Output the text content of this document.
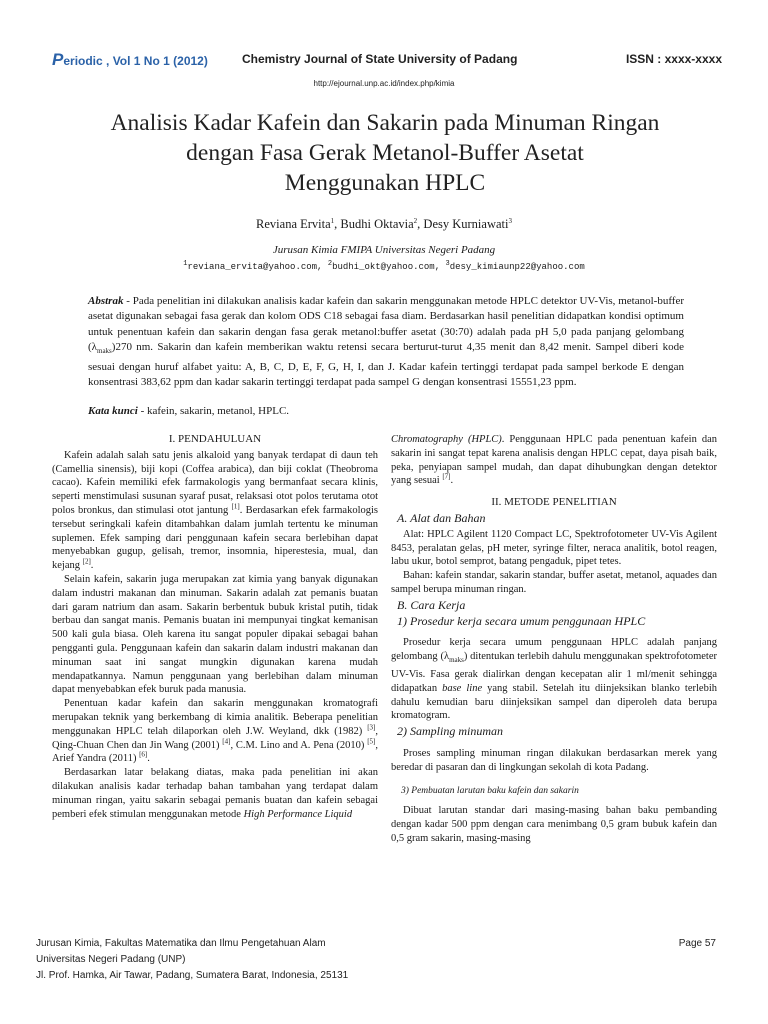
Periodic , Vol 1 No 1 (2012)	Chemistry Journal of State University of Padang	ISSN : xxxx-xxxx
http://ejournal.unp.ac.id/index.php/kimia
Analisis Kadar Kafein dan Sakarin pada Minuman Ringan
dengan Fasa Gerak Metanol-Buffer Asetat
Menggunakan HPLC
Reviana Ervita$^1$, Budhi Oktavia$^2$, Desy Kurniawati$^3$
Jurusan Kimia FMIPA Universitas Negeri Padang
$^1$reviana_ervita@yahoo.com, $^2$budhi_okt@yahoo.com, $^3$desy_kimiaunp22@yahoo.com
Abstrak - Pada penelitian ini dilakukan analisis kadar kafein dan sakarin menggunakan metode HPLC detektor UV-Vis, metanol-buffer asetat digunakan sebagai fasa gerak dan kolom ODS C18 sebagai fasa diam. Berdasarkan hasil penelitian didapatkan kondisi optimum untuk penentuan kafein dan sakarin dengan fasa gerak metanol:buffer asetat (30:70) adalah pada pH 5,0 pada panjang gelombang $(\lambda_{maks})270$ nm. Sakarin dan kafein memberikan waktu retensi secara berturut-turut 4,35 menit dan 8,42 menit. Sampel diberi kode sesuai dengan huruf alfabet yaitu: A, B, C, D, E, F, G, H, I, dan J. Kadar kafein tertinggi terdapat pada sampel berkode E dengan konsentrasi 383,62 ppm dan kadar sakarin tertinggi terdapat pada sampel G dengan konsentrasi 15551,23 ppm.
Kata kunci - kafein, sakarin, metanol, HPLC.
I. PENDAHULUAN

Kafein adalah salah satu jenis alkaloid yang banyak terdapat di daun teh (Camellia sinensis), biji kopi (Coffea arabica), dan biji coklat (Theobroma cacao). Kafein memiliki efek farmakologis yang bermanfaat secara klinis, seperti menstimulasi susunan syaraf pusat, relaksasi otot polos terutama otot polos bronkus, dan stimulasi otot jantung [1]. Berdasarkan efek farmakologis tersebut seringkali kafein ditambahkan dalam jumlah tertentu ke minuman suplemen. Efek samping dari penggunaan kafein secara berlebihan dapat menyebabkan gugup, gelisah, tremor, insomnia, hiperestesia, mual, dan kejang [2].

Selain kafein, sakarin juga merupakan zat kimia yang banyak digunakan dalam industri makanan dan minuman. Sakarin adalah zat pemanis buatan dari garam natrium dan asam. Sakarin berbentuk bubuk kristal putih, tidak berbau dan sangat manis. Pemanis buatan ini mempunyai tingkat kemanisan 500 kali gula biasa. Oleh karena itu sangat populer dipakai sebagai bahan pengganti gula. Penggunaan kafein dan sakarin dalam industri makanan dan minuman saat ini sangat mungkin digunakan karena mudah mendapatkannya. Namun penggunaan yang berlebihan dalam minuman dapat menyebabkan efek buruk pada manusia.

Penentuan kadar kafein dan sakarin menggunakan kromatografi merupakan teknik yang berkembang di kimia analitik. Beberapa penelitian menggunakan HPLC telah dilaporkan oleh J.W. Weyland, dkk (1982) [3], Qing-Chuan Chen dan Jin Wang (2001) [4], C.M. Lino and A. Pena (2010) [5], Arief Yandra (2011) [6].

Berdasarkan latar belakang diatas, maka pada penelitian ini akan dilakukan analisis kadar terhadap bahan tambahan yang terdapat dalam minuman ringan, yaitu sakarin sebagai pemanis buatan dan kafein sebagai pemberi efek stimulan menggunakan metode High Performance Liquid

Chromatography (HPLC). Penggunaan HPLC pada penentuan kafein dan sakarin ini sangat tepat karena analisis dengan HPLC cepat, daya pisah baik, peka, penyiapan sampel mudah, dan dapat dihubungkan dengan detektor yang sesuai [7].

II. METODE PENELITIAN
A. Alat dan Bahan

Alat: HPLC Agilent 1120 Compact LC, Spektrofotometer UV-Vis Agilent 8453, peralatan gelas, pH meter, syringe filter, neraca analitik, botol reagen, labu ukur, botol semprot, batang pengaduk, pipet tetes.

Bahan: kafein standar, sakarin standar, buffer asetat, metanol, aquades dan sampel berupa minuman ringan.

B. Cara Kerja
1) Prosedur kerja secara umum penggunaan HPLC

Prosedur kerja secara umum penggunaan HPLC adalah panjang gelombang $(\lambda_{maks})$ ditentukan terlebih dahulu menggunakan spektrofotometer UV-Vis. Fasa gerak dialirkan dengan kecepatan alir 1 ml/menit sehingga didapatkan base line yang stabil. Setelah itu diinjeksikan blanko terlebih dahulu kemudian baru diinjeksikan sampel dan diperoleh data berupa kromatogram.

2) Sampling minuman

Proses sampling minuman ringan dilakukan berdasarkan merek yang beredar di pasaran dan di lingkungan sekolah di kota Padang.

3) Pembuatan larutan baku kafein dan sakarin

Dibuat larutan standar dari masing-masing bahan baku pembanding dengan kadar 500 ppm dengan cara menimbang 0,5 gram bubuk kafein dan 0,5 gram sakarin, masing-masing

Jurusan Kimia, Fakultas Matematika dan Ilmu Pengetahuan Alam
Universitas Negeri Padang (UNP)
Jl. Prof. Hamka, Air Tawar, Padang, Sumatera Barat, Indonesia, 25131
Page 57
